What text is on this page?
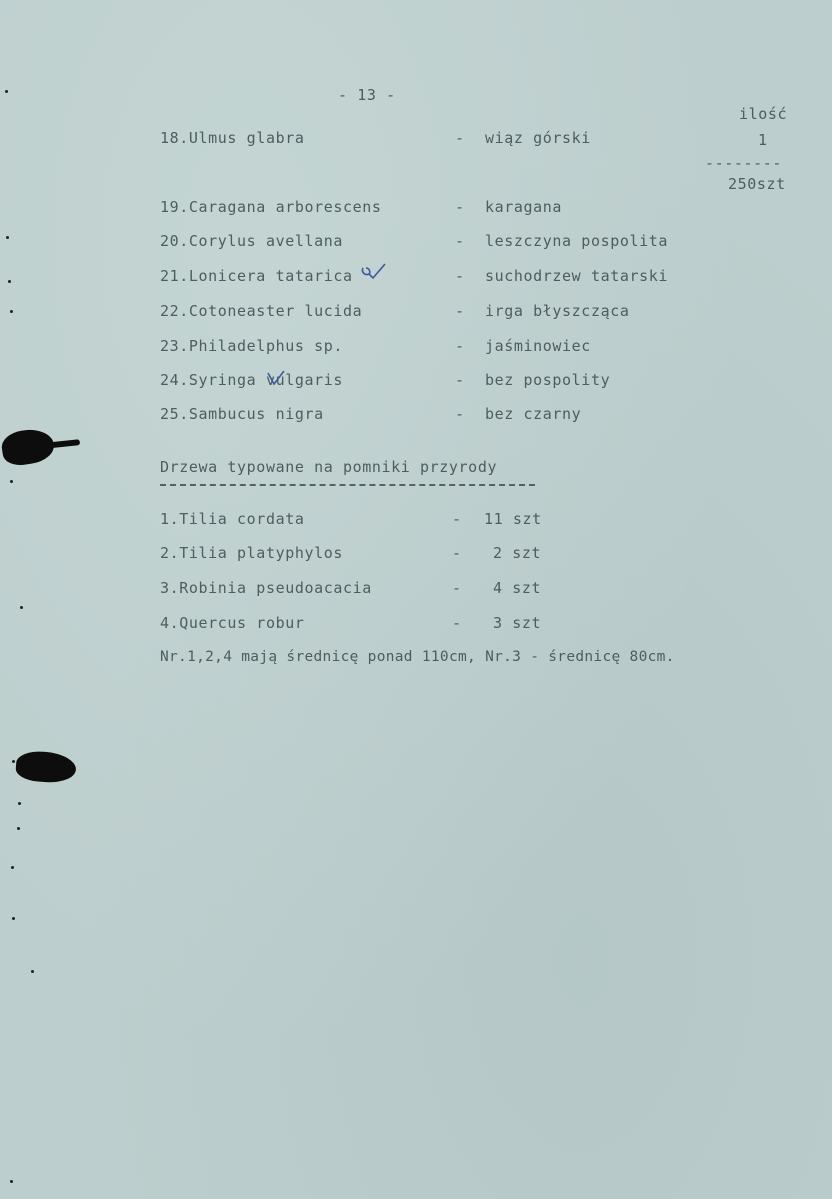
- 13 -
ilość
1
--------
250szt
18.Ulmus glabra	- wiąz górski
19.Caragana arborescens	- karagana
20.Corylus avellana	- leszczyna pospolita
21.Lonicera tatarica	- suchodrzew tatarski
22.Cotoneaster lucida	- irga błyszcząca
23.Philadelphus sp.	- jaśminowiec
24.Syringa vulgaris	- bez pospolity
25.Sambucus nigra	- bez czarny
Drzewa typowane na pomniki przyrody
1.Tilia cordata	- 11 szt
2.Tilia platyphylos	- 2 szt
3.Robinia pseudoacacia	- 4 szt
4.Quercus robur	- 3 szt
Nr.1,2,4 mają średnicę ponad 110cm, Nr.3 - średnicę 80cm.
